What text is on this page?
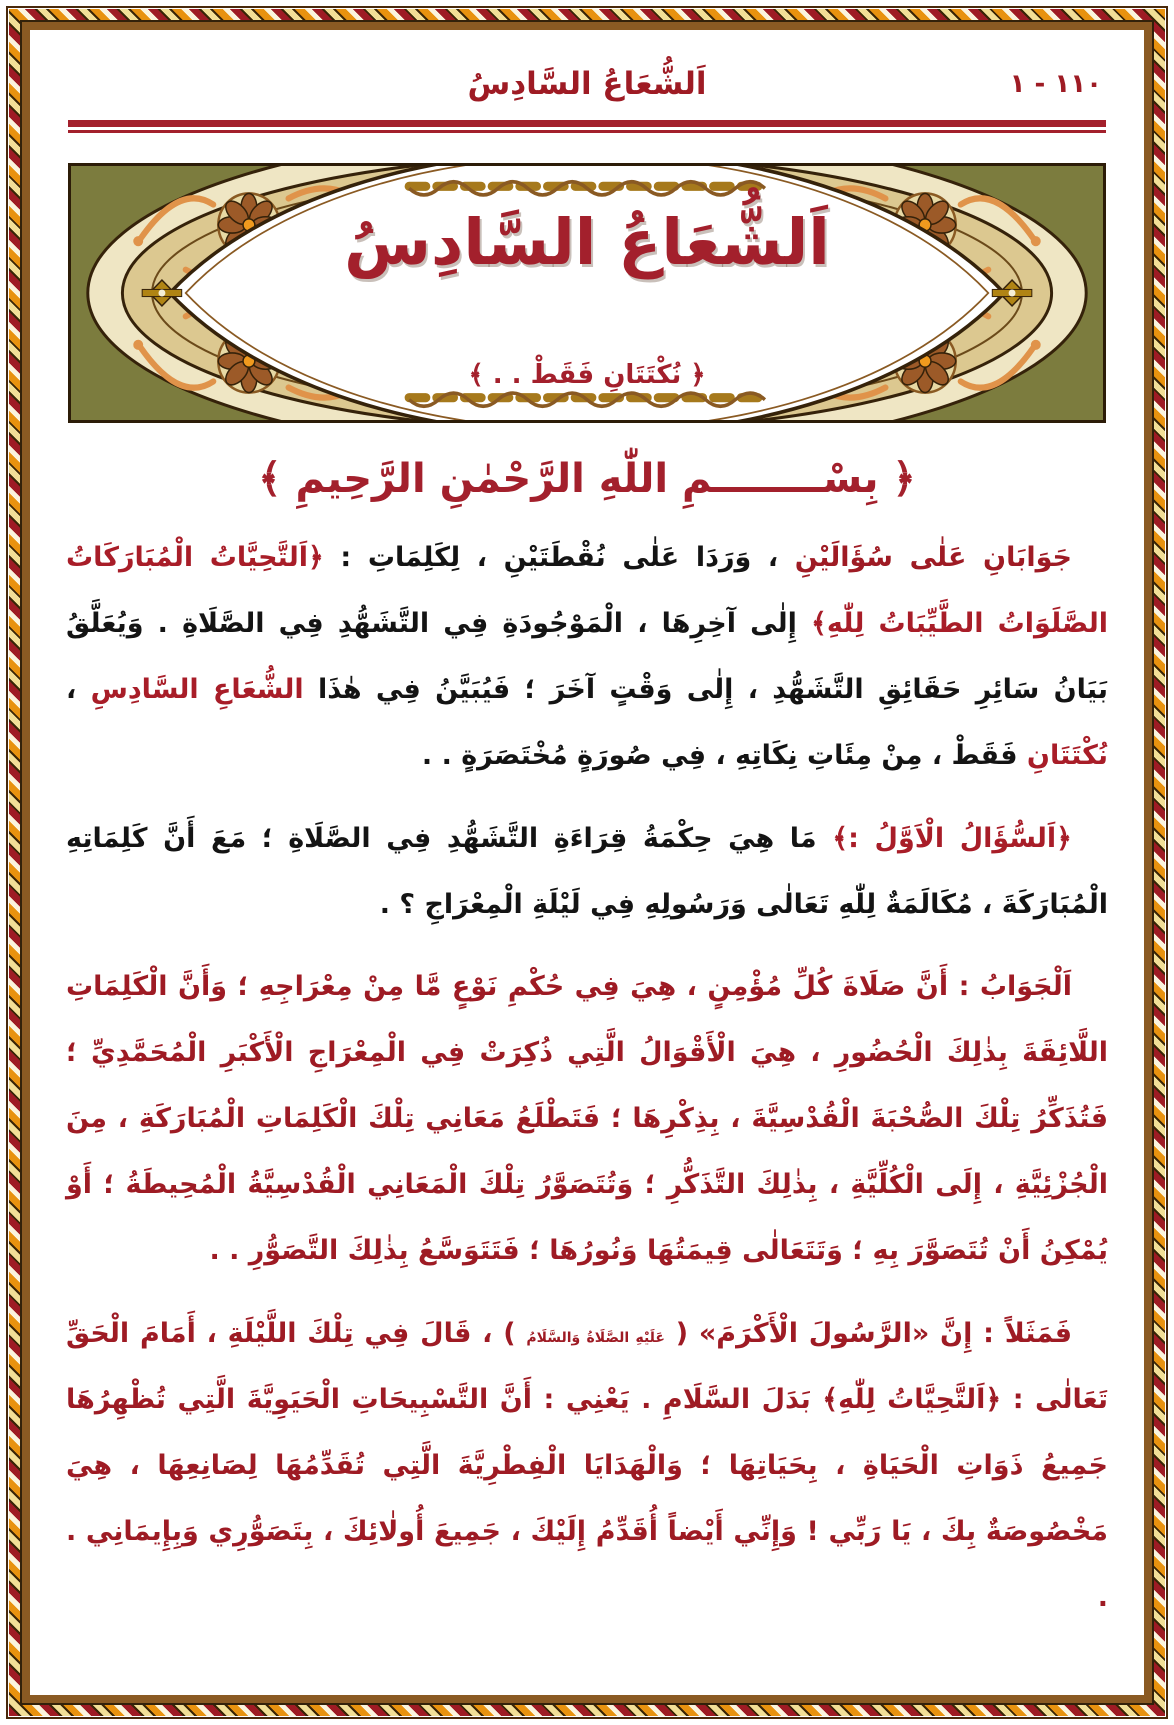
اَلشُّعَاعُ السَّادِسُ	١١٠ - ١
اَلشُّعَاعُ السَّادِسُ
﴿ نُكْتَتَانِ فَقَطْ . . ﴾
﴿ بِسْــــــــمِ اللّٰهِ الرَّحْمٰنِ الرَّحِيمِ ﴾

جَوَابَانِ عَلٰى سُؤَالَيْنِ ، وَرَدَا عَلٰى نُقْطَتَيْنِ ، لِكَلِمَاتِ : ﴿اَلتَّحِيَّاتُ الْمُبَارَكَاتُ الصَّلَوَاتُ الطَّيِّبَاتُ لِلّٰهِ﴾ إِلٰى آخِرِهَا ، الْمَوْجُودَةِ فِي التَّشَهُّدِ فِي الصَّلَاةِ . وَيُعَلَّقُ بَيَانُ سَائِرِ حَقَائِقِ التَّشَهُّدِ ، إِلٰى وَقْتٍ آخَرَ ؛ فَيُبَيَّنُ فِي هٰذَا الشُّعَاعِ السَّادِسِ ، نُكْتَتَانِ فَقَطْ ، مِنْ مِئَاتِ نِكَاتِهِ ، فِي صُورَةٍ مُخْتَصَرَةٍ . .

﴿اَلسُّؤَالُ الْاَوَّلُ :﴾ مَا هِيَ حِكْمَةُ قِرَاءَةِ التَّشَهُّدِ فِي الصَّلَاةِ ؛ مَعَ أَنَّ كَلِمَاتِهِ الْمُبَارَكَةَ ، مُكَالَمَةٌ لِلّٰهِ تَعَالٰى وَرَسُولِهِ فِي لَيْلَةِ الْمِعْرَاجِ ؟ .

اَلْجَوَابُ : أَنَّ صَلَاةَ كُلِّ مُؤْمِنٍ ، هِيَ فِي حُكْمِ نَوْعٍ مَّا مِنْ مِعْرَاجِهِ ؛ وَأَنَّ الْكَلِمَاتِ اللَّائِقَةَ بِذٰلِكَ الْحُضُورِ ، هِيَ الْأَقْوَالُ الَّتِي ذُكِرَتْ فِي الْمِعْرَاجِ الْأَكْبَرِ الْمُحَمَّدِيِّ ؛ فَتُذَكِّرُ تِلْكَ الصُّحْبَةَ الْقُدْسِيَّةَ ، بِذِكْرِهَا ؛ فَتَطْلَعُ مَعَانِي تِلْكَ الْكَلِمَاتِ الْمُبَارَكَةِ ، مِنَ الْجُزْئِيَّةِ ، إِلَى الْكُلِّيَّةِ ، بِذٰلِكَ التَّذَكُّرِ ؛ وَتُتَصَوَّرُ تِلْكَ الْمَعَانِي الْقُدْسِيَّةُ الْمُحِيطَةُ ؛ أَوْ يُمْكِنُ أَنْ تُتَصَوَّرَ بِهِ ؛ وَتَتَعَالٰى قِيمَتُهَا وَنُورُهَا ؛ فَتَتَوَسَّعُ بِذٰلِكَ التَّصَوُّرِ . .

فَمَثَلاً : إِنَّ «الرَّسُولَ الْأَكْرَمَ» ( عَلَيْهِ الصَّلَاةُ وَالسَّلَامُ ) ، قَالَ فِي تِلْكَ اللَّيْلَةِ ، أَمَامَ الْحَقِّ تَعَالٰى : ﴿اَلتَّحِيَّاتُ لِلّٰهِ﴾ بَدَلَ السَّلَامِ . يَعْنِي : أَنَّ التَّسْبِيحَاتِ الْحَيَوِيَّةَ الَّتِي تُظْهِرُهَا جَمِيعُ ذَوَاتِ الْحَيَاةِ ، بِحَيَاتِهَا ؛ وَالْهَدَايَا الْفِطْرِيَّةَ الَّتِي تُقَدِّمُهَا لِصَانِعِهَا ، هِيَ مَخْصُوصَةٌ بِكَ ، يَا رَبِّي ! وَإِنِّي أَيْضاً أُقَدِّمُ إِلَيْكَ ، جَمِيعَ أُولٰائِكَ ، بِتَصَوُّرِي وَبِإِيمَانِي . .
